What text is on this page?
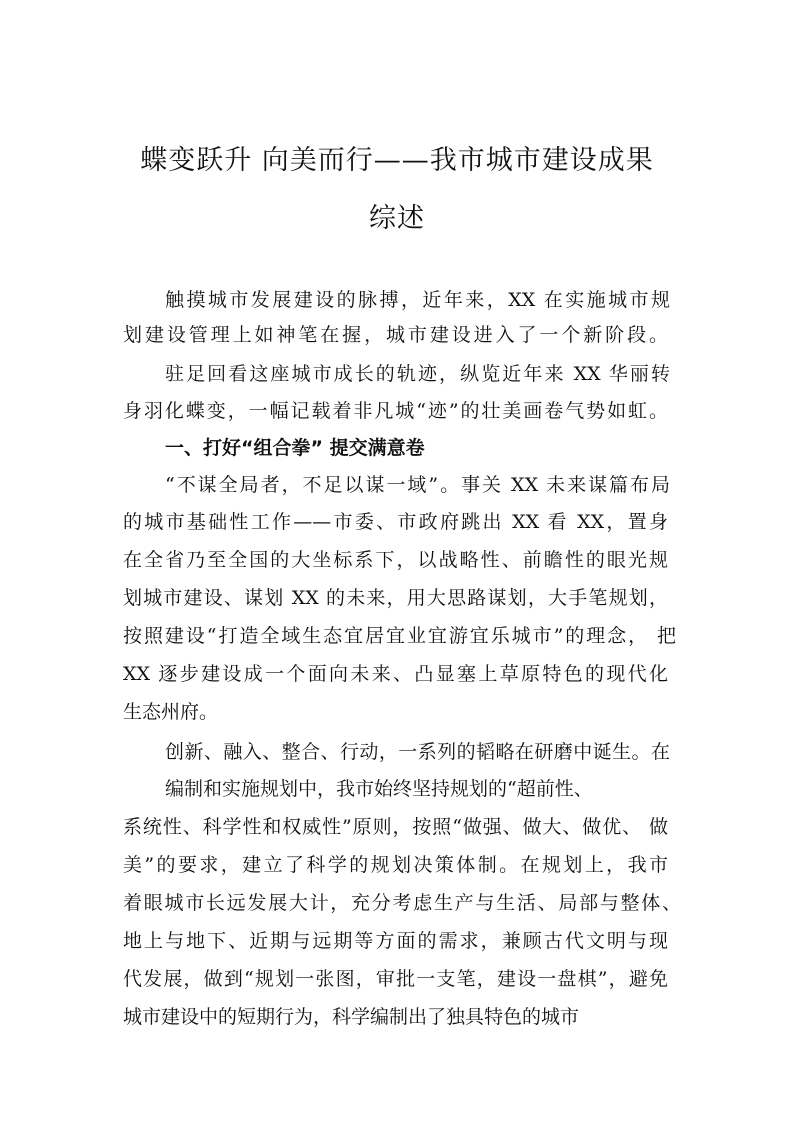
蝶变跃升 向美而行——我市城市建设成果
综述

触摸城市发展建设的脉搏，近年来，XX 在实施城市规

划建设管理上如神笔在握，城市建设进入了一个新阶段。

驻足回看这座城市成长的轨迹，纵览近年来 XX 华丽转

身羽化蝶变，一幅记载着非凡城“迹”的壮美画卷气势如虹。

一、打好“组合拳” 提交满意卷

“不谋全局者，不足以谋一域”。事关 XX 未来谋篇布局

的城市基础性工作——市委、市政府跳出 XX 看 XX，置身

在全省乃至全国的大坐标系下，以战略性、前瞻性的眼光规

划城市建设、谋划 XX 的未来，用大思路谋划，大手笔规划，

按照建设“打造全域生态宜居宜业宜游宜乐城市”的理念， 把

XX 逐步建设成一个面向未来、凸显塞上草原特色的现代化

生态州府。

创新、融入、整合、行动，一系列的韬略在研磨中诞生。在

编制和实施规划中，我市始终坚持规划的“超前性、

系统性、科学性和权威性”原则，按照“做强、做大、做优、 做

美”的要求，建立了科学的规划决策体制。在规划上，我市

着眼城市长远发展大计，充分考虑生产与生活、局部与整体、

地上与地下、近期与远期等方面的需求，兼顾古代文明与现

代发展，做到“规划一张图，审批一支笔，建设一盘棋”，避免

城市建设中的短期行为，科学编制出了独具特色的城市
